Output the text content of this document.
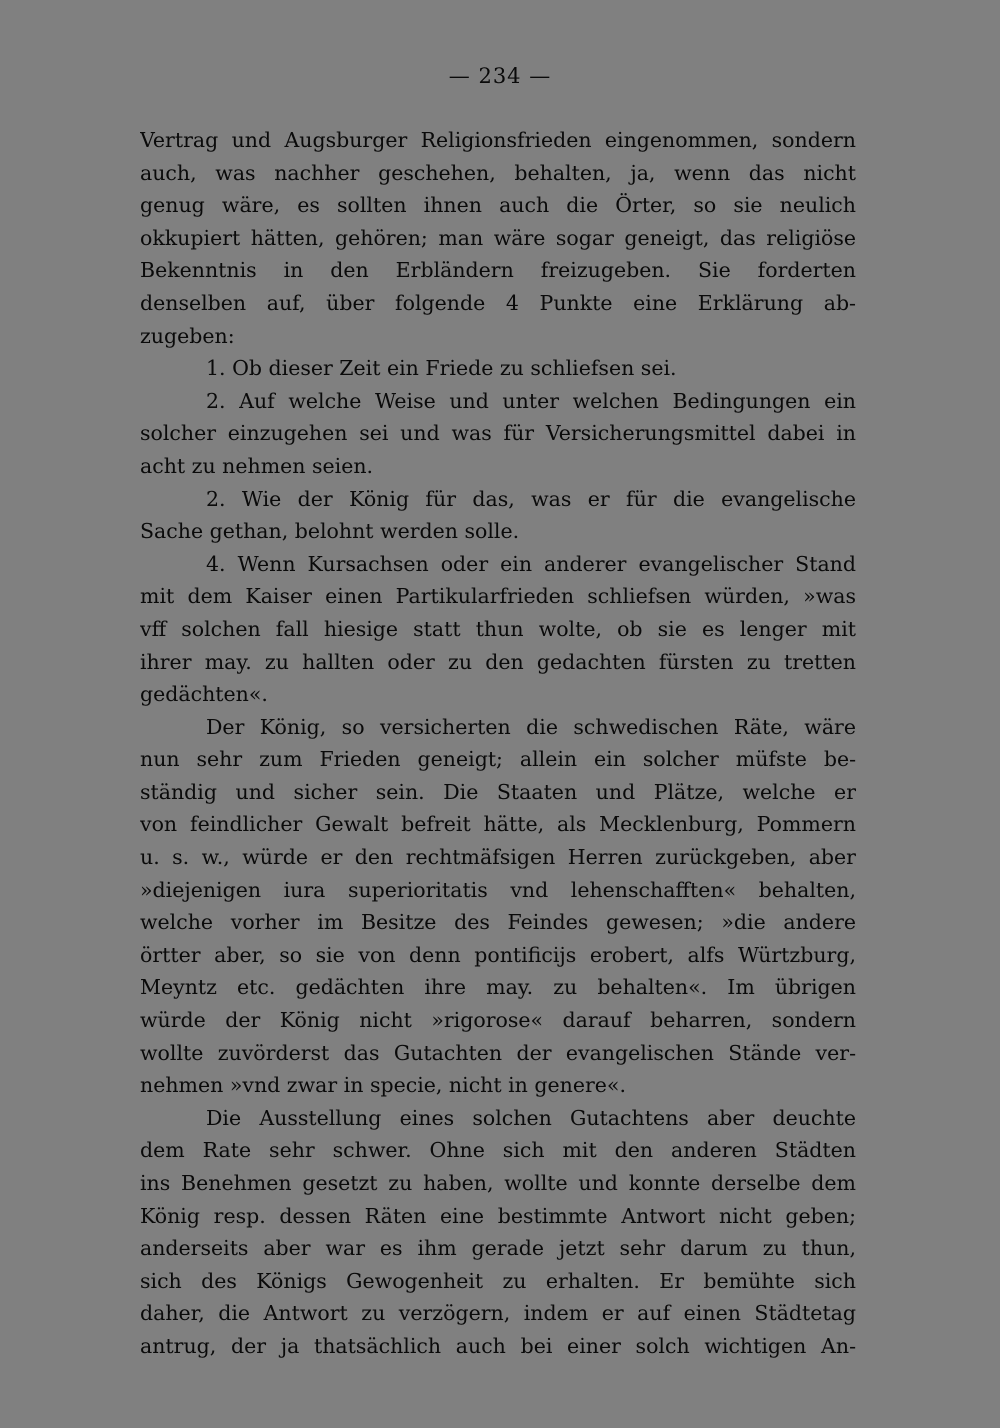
— 234 —
Vertrag und Augsburger Religionsfrieden eingenommen, sondern
auch, was nachher geschehen, behalten, ja, wenn das nicht
genug wäre, es sollten ihnen auch die Örter, so sie neulich
okkupiert hätten, gehören; man wäre sogar geneigt, das religiöse
Bekenntnis in den Erbländern freizugeben. Sie forderten
denselben auf, über folgende 4 Punkte eine Erklärung ab-
zugeben:
1. Ob dieser Zeit ein Friede zu schliefsen sei.
2. Auf welche Weise und unter welchen Bedingungen ein
solcher einzugehen sei und was für Versicherungsmittel dabei in
acht zu nehmen seien.
2. Wie der König für das, was er für die evangelische
Sache gethan, belohnt werden solle.
4. Wenn Kursachsen oder ein anderer evangelischer Stand
mit dem Kaiser einen Partikularfrieden schliefsen würden, »was
vff solchen fall hiesige statt thun wolte, ob sie es lenger mit
ihrer may. zu hallten oder zu den gedachten fürsten zu tretten
gedächten«.
Der König, so versicherten die schwedischen Räte, wäre
nun sehr zum Frieden geneigt; allein ein solcher müfste be-
ständig und sicher sein. Die Staaten und Plätze, welche er
von feindlicher Gewalt befreit hätte, als Mecklenburg, Pommern
u. s. w., würde er den rechtmäfsigen Herren zurückgeben, aber
»diejenigen iura superioritatis vnd lehenschafften« behalten,
welche vorher im Besitze des Feindes gewesen; »die andere
örtter aber, so sie von denn pontificijs erobert, alfs Würtzburg,
Meyntz etc. gedächten ihre may. zu behalten«. Im übrigen
würde der König nicht »rigorose« darauf beharren, sondern
wollte zuvörderst das Gutachten der evangelischen Stände ver-
nehmen »vnd zwar in specie, nicht in genere«.
Die Ausstellung eines solchen Gutachtens aber deuchte
dem Rate sehr schwer. Ohne sich mit den anderen Städten
ins Benehmen gesetzt zu haben, wollte und konnte derselbe dem
König resp. dessen Räten eine bestimmte Antwort nicht geben;
anderseits aber war es ihm gerade jetzt sehr darum zu thun,
sich des Königs Gewogenheit zu erhalten. Er bemühte sich
daher, die Antwort zu verzögern, indem er auf einen Städtetag
antrug, der ja thatsächlich auch bei einer solch wichtigen An-
